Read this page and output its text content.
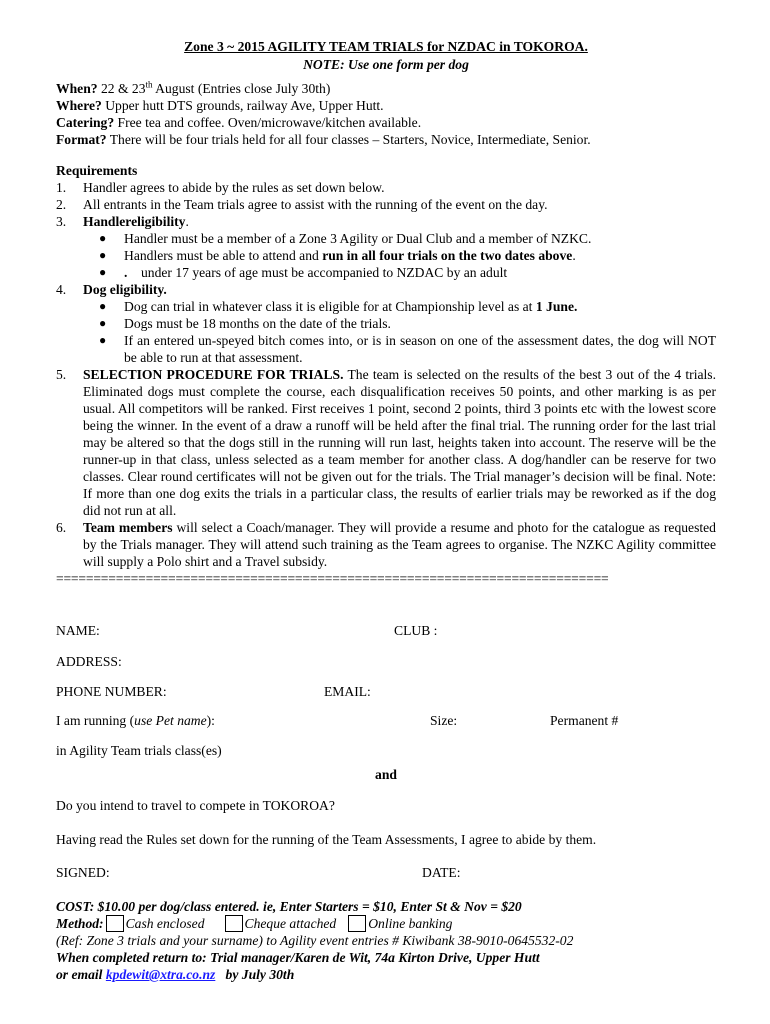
Zone 3 ~ 2015 AGILITY TEAM TRIALS for NZDAC in TOKOROA.

NOTE: Use one form per dog

When? 22 & 23th August (Entries close July 30th)

Where? Upper hutt DTS grounds, railway Ave, Upper Hutt.

Catering? Free tea and coffee. Oven/microwave/kitchen available.

Format? There will be four trials held for all four classes – Starters, Novice, Intermediate, Senior.

Requirements

1. Handler agrees to abide by the rules as set down below.
2. All entrants in the Team trials agree to assist with the running of the event on the day.
3. Handlereligibility.
● Handler must be a member of a Zone 3 Agility or Dual Club and a member of NZKC.
● Handlers must be able to attend and run in all four trials on the two dates above.
● .    under 17 years of age must be accompanied to NZDAC by an adult
4. Dog eligibility.
● Dog can trial in whatever class it is eligible for at Championship level as at 1 June.
● Dogs must be 18 months on the date of the trials.
● If an entered un-speyed bitch comes into, or is in season on one of the assessment dates, the dog will NOT be able to run at that assessment.
5. SELECTION PROCEDURE FOR TRIALS. The team is selected on the results of the best 3 out of the 4 trials. Eliminated dogs must complete the course, each disqualification receives 50 points, and other marking is as per usual. All competitors will be ranked. First receives 1 point, second 2 points, third 3 points etc with the lowest score being the winner. In the event of a draw a runoff will be held after the final trial. The running order for the last trial may be altered so that the dogs still in the running will run last, heights taken into account. The reserve will be the runner-up in that class, unless selected as a team member for another class. A dog/handler can be reserve for two classes. Clear round certificates will not be given out for the trials. The Trial manager’s decision will be final. Note: If more than one dog exits the trials in a particular class, the results of earlier trials may be reworked as if the dog did not run at all.
6. Team members will select a Coach/manager. They will provide a resume and photo for the catalogue as requested by the Trials manager. They will attend such training as the Team agrees to organise. The NZKC Agility committee will supply a Polo shirt and a Travel subsidy.

==========================================================================

NAME:	CLUB :
ADDRESS:
PHONE NUMBER:	EMAIL:
I am running (use Pet name):	Size:	Permanent #
in Agility Team trials class(es)
and
Do you intend to travel to compete in TOKOROA?
Having read the Rules set down for the running of the Team Assessments, I agree to abide by them.
SIGNED:	DATE:
COST: $10.00 per dog/class entered. ie, Enter Starters = $10, Enter St & Nov = $20
Method: Cash enclosed	Cheque attached Online banking
(Ref: Zone 3 trials and your surname) to Agility event entries # Kiwibank 38-9010-0645532-02
When completed return to: Trial manager/Karen de Wit, 74a Kirton Drive, Upper Hutt
or email kpdewit@xtra.co.nz   by July 30th
